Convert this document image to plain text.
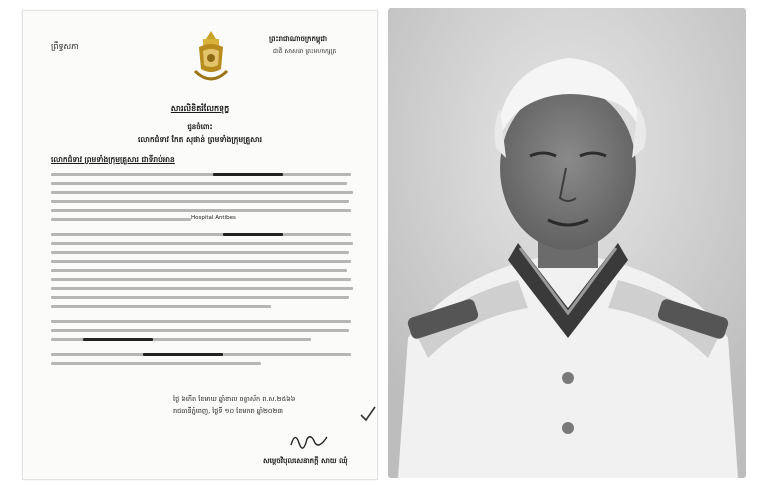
ព្រឹទ្ធសភា
ព្រះរាជាណាចក្រកម្ពុជា
ជាតិ សាសនា ព្រះមហាក្សត្រ
សារលិខិតរំលែកទុក្ខ
ជូនចំពោះ
លោកជំទាវ កែត សុផាន់ ព្រមទាំងក្រុមគ្រួសារ
លោកជំទាវ ព្រមទាំងក្រុមគ្រួសារ ជាទីរាប់អាន
Hospital Antibes
ថ្ងៃ ៦កើត ខែមាឃ ឆ្នាំខាល ចត្វាស័ក ព.ស.២៥៦៦
រាជធានីភ្នំពេញ, ថ្ងៃទី ១០ ខែមករា ឆ្នាំ២០២៣
សម្តេចវិបុលសេនាភក្ដី សាយ ឈុំ
